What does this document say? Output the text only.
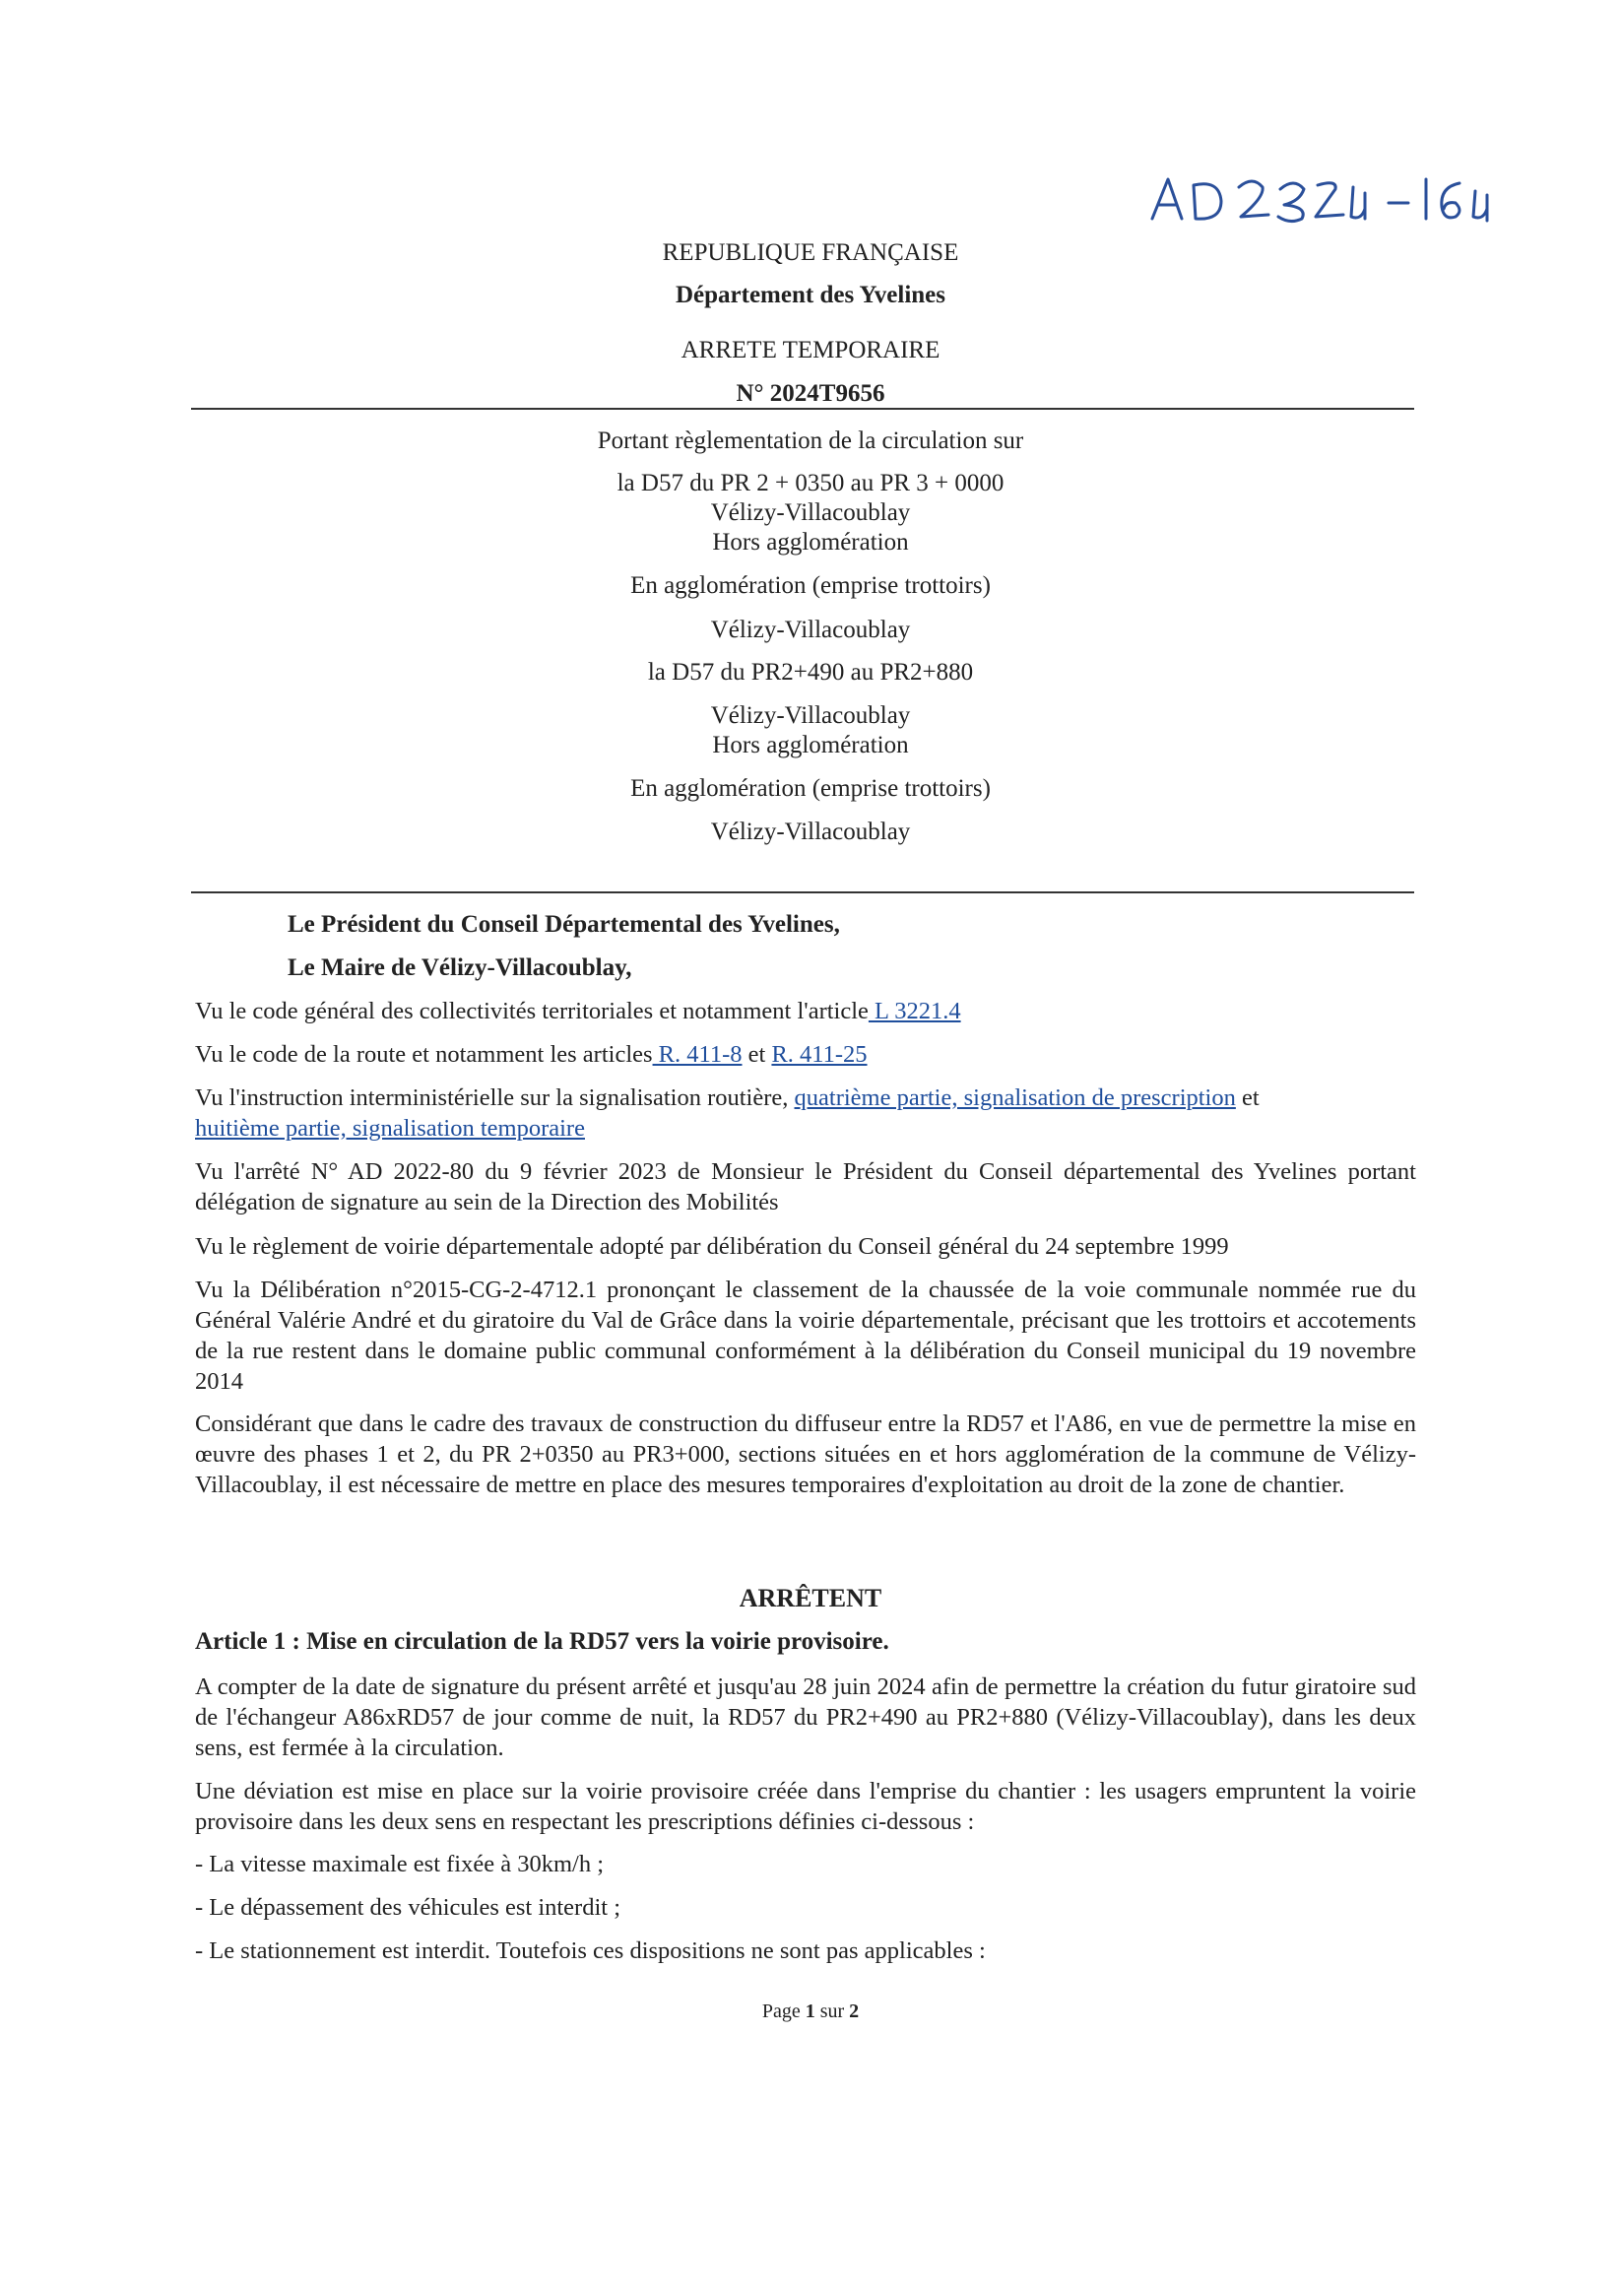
AD 2024-164
REPUBLIQUE FRANÇAISE
Département des Yvelines
ARRETE TEMPORAIRE
N° 2024T9656
Portant règlementation de la circulation sur
la D57 du PR 2 + 0350 au PR 3 + 0000
Vélizy-Villacoublay
Hors agglomération
En agglomération (emprise trottoirs)
Vélizy-Villacoublay
la D57 du PR2+490 au PR2+880
Vélizy-Villacoublay
Hors agglomération
En agglomération (emprise trottoirs)
Vélizy-Villacoublay
Le Président du Conseil Départemental des Yvelines,
Le Maire de Vélizy-Villacoublay,
Vu le code général des collectivités territoriales et notamment l'article L 3221.4
Vu le code de la route et notamment les articles R. 411-8 et R. 411-25
Vu l'instruction interministérielle sur la signalisation routière, quatrième partie, signalisation de prescription et
huitième partie, signalisation temporaire
Vu l'arrêté N° AD 2022-80 du 9 février 2023 de Monsieur le Président du Conseil départemental des Yvelines portant délégation de signature au sein de la Direction des Mobilités
Vu le règlement de voirie départementale adopté par délibération du Conseil général du 24 septembre 1999
Vu la Délibération n°2015-CG-2-4712.1 prononçant le classement de la chaussée de la voie communale nommée rue du Général Valérie André et du giratoire du Val de Grâce dans la voirie départementale, précisant que les trottoirs et accotements de la rue restent dans le domaine public communal conformément à la délibération du Conseil municipal du 19 novembre 2014
Considérant que dans le cadre des travaux de construction du diffuseur entre la RD57 et l'A86, en vue de permettre la mise en œuvre des phases 1 et 2, du PR 2+0350 au PR3+000, sections situées en et hors agglomération de la commune de Vélizy-Villacoublay, il est nécessaire de mettre en place des mesures temporaires d'exploitation au droit de la zone de chantier.
ARRÊTENT
Article 1 : Mise en circulation de la RD57 vers la voirie provisoire.
A compter de la date de signature du présent arrêté et jusqu'au 28 juin 2024 afin de permettre la création du futur giratoire sud de l'échangeur A86xRD57 de jour comme de nuit, la RD57 du PR2+490 au PR2+880 (Vélizy-Villacoublay), dans les deux sens, est fermée à la circulation.
Une déviation est mise en place sur la voirie provisoire créée dans l'emprise du chantier : les usagers empruntent la voirie provisoire dans les deux sens en respectant les prescriptions définies ci-dessous :
- La vitesse maximale est fixée à 30km/h ;
- Le dépassement des véhicules est interdit ;
- Le stationnement est interdit. Toutefois ces dispositions ne sont pas applicables :
Page 1 sur 2
